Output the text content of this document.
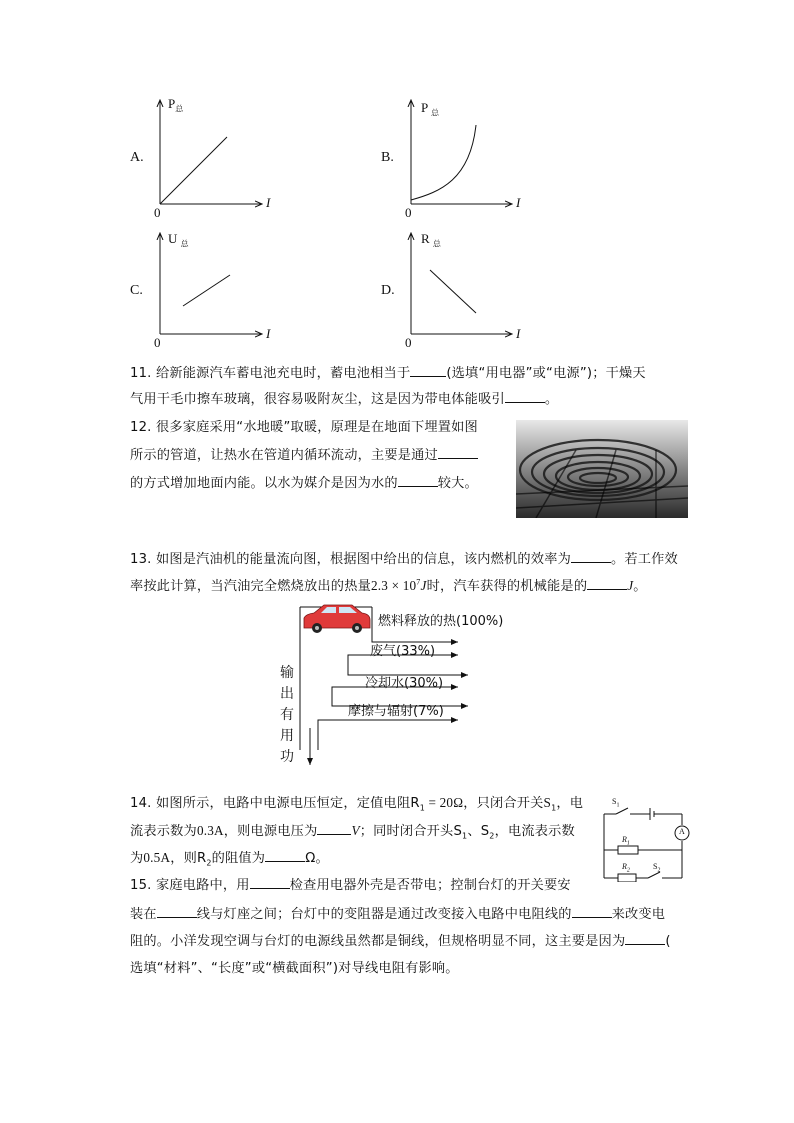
A.
$P_总$
I
0
B.
P $_总$
I
0
C.
U $_总$
I
0
D.
R $_总$
I
0
11. 给新能源汽车蓄电池充电时，蓄电池相当于	(选填“用电器”或“电源”)；干燥天
气用干毛巾擦车玻璃，很容易吸附灰尘，这是因为带电体能吸引	。
12. 很多家庭采用“水地暖”取暖，原理是在地面下埋置如图
所示的管道，让热水在管道内循环流动，主要是通过
的方式增加地面内能。以水为媒介是因为水的	较大。
13. 如图是汽油机的能量流向图，根据图中给出的信息，该内燃机的效率为	。若工作效
率按此计算，当汽油完全燃烧放出的热量$2.3 \times 10^7J$时，汽车获得的机械能是的	J。
燃料释放的热(100%)
废气(33%)
冷却水(30%)
摩擦与辐射(7%)
输
出
有
用
功
14. 如图所示，电路中电源电压恒定，定值电阻$R_1 = 20\Omega$，只闭合开关$S_1$，电
流表示数为0.3A，则电源电压为	V；同时闭合开头$S_1$、$S_2$，电流表示数
为0.5A，则$R_2$的阻值为	Ω。
$S_1$
$R_1$
$R_2$	$S_2$
A
15. 家庭电路中，用	检查用电器外壳是否带电；控制台灯的开关要安
装在	线与灯座之间；台灯中的变阻器是通过改变接入电路中电阻线的	来改变电
阻的。小洋发现空调与台灯的电源线虽然都是铜线，但规格明显不同，这主要是因为	(
选填“材料”、“长度”或“横截面积”)对导线电阻有影响。
